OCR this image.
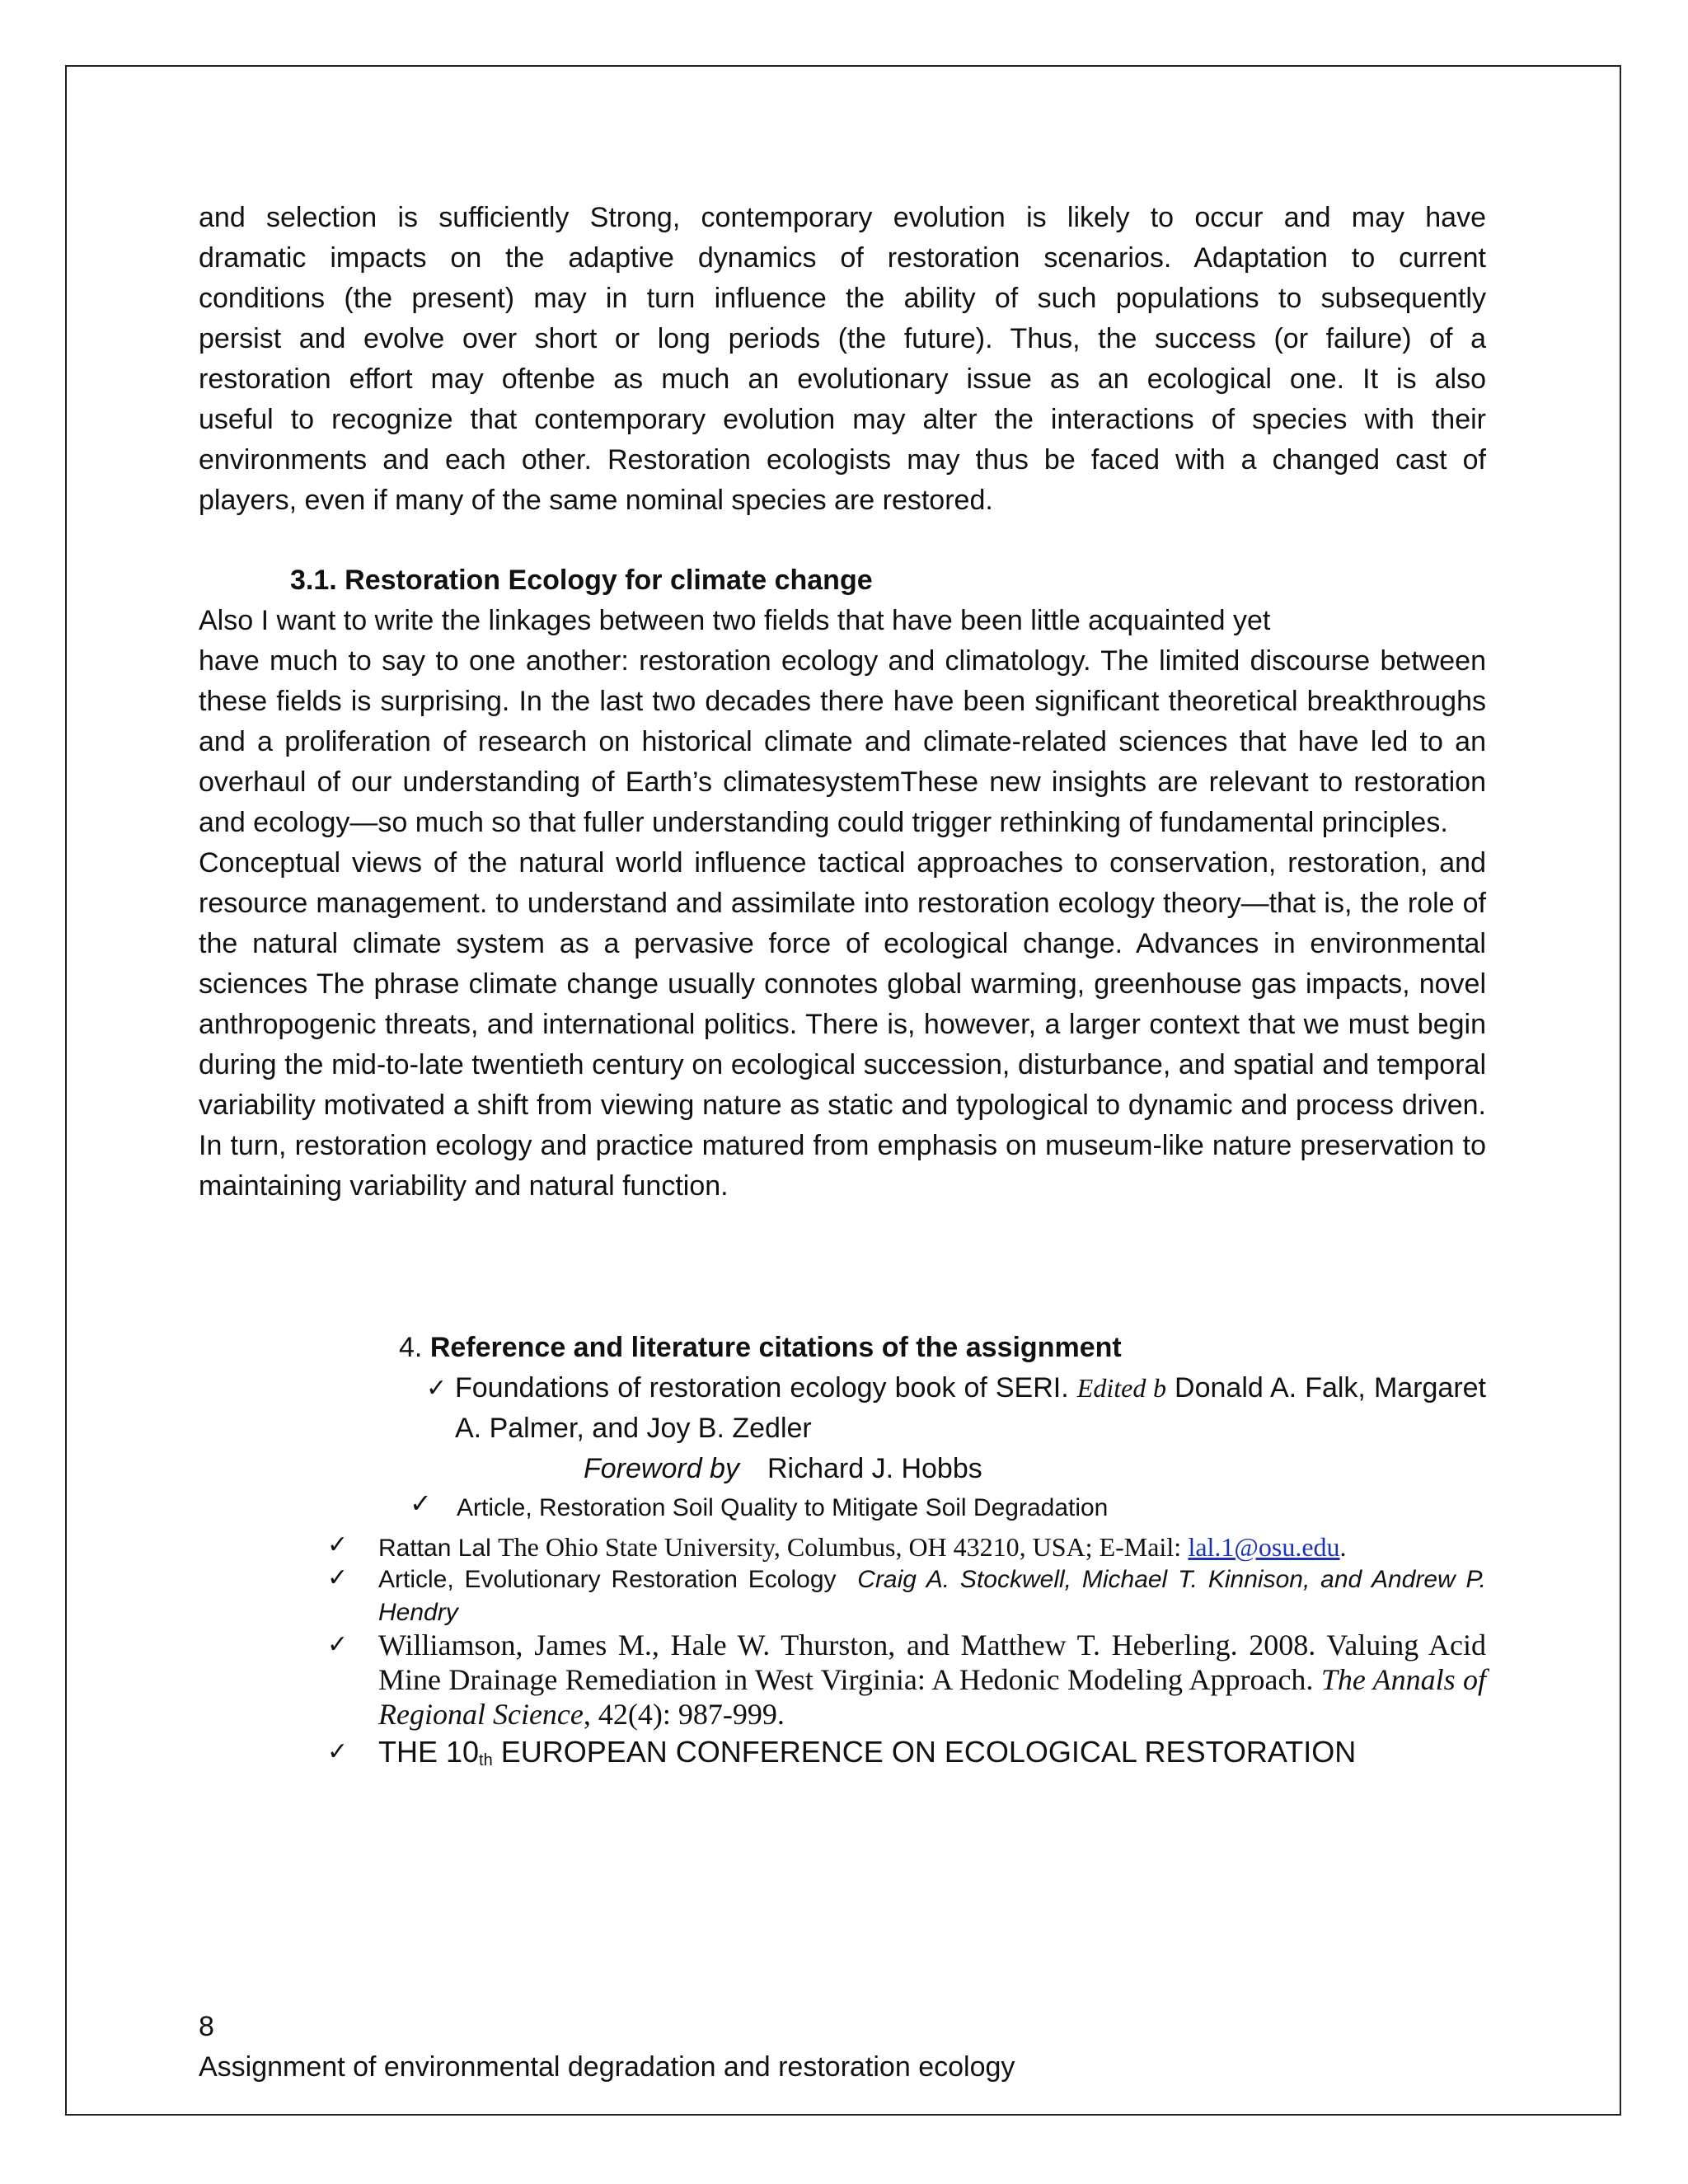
and selection is sufficiently Strong, contemporary evolution is likely to occur and may have
dramatic impacts on the adaptive dynamics of restoration scenarios. Adaptation to current
conditions (the present) may in turn influence the ability of such populations to subsequently
persist and evolve over short or long periods (the future). Thus, the success (or failure) of a
restoration effort may oftenbe as much an evolutionary issue as an ecological one. It is also
useful to recognize that contemporary evolution may alter the interactions of species with their
environments and each other. Restoration ecologists may thus be faced with a changed cast of
players, even if many of the same nominal species are restored.
3.1. Restoration Ecology for climate change
Also I want to write the linkages between two fields that have been little acquainted yet

have much to say to one another: restoration ecology and climatology. The limited discourse between these fields is surprising. In the last two decades there have been significant theoretical breakthroughs and a proliferation of research on historical climate and climate-related sciences that have led to an overhaul of our understanding of Earth’s climatesystemThese new insights are relevant to restoration and ecology—so much so that fuller understanding could trigger rethinking of fundamental principles.

Conceptual views of the natural world influence tactical approaches to conservation, restoration, and resource management. to understand and assimilate into restoration ecology theory—that is, the role of the natural climate system as a pervasive force of ecological change. Advances in environmental sciences The phrase climate change usually connotes global warming, greenhouse gas impacts, novel anthropogenic threats, and international politics. There is, however, a larger context that we must begin during the mid-to-late twentieth century on ecological succession, disturbance, and spatial and temporal variability motivated a shift from viewing nature as static and typological to dynamic and process driven. In turn, restoration ecology and practice matured from emphasis on museum-like nature preservation to maintaining variability and natural function.

4. Reference and literature citations of the assignment
✓ Foundations of restoration ecology book of SERI. Edited b Donald A. Falk, Margaret A. Palmer, and Joy B. Zedler
Foreword by Richard J. Hobbs
✓ Article, Restoration Soil Quality to Mitigate Soil Degradation
✓ Rattan Lal The Ohio State University, Columbus, OH 43210, USA; E-Mail: lal.1@osu.edu.
✓ Article, Evolutionary Restoration Ecology Craig A. Stockwell, Michael T. Kinnison, and Andrew P. Hendry
✓ Williamson, James M., Hale W. Thurston, and Matthew T. Heberling. 2008. Valuing Acid Mine Drainage Remediation in West Virginia: A Hedonic Modeling Approach. The Annals of Regional Science, 42(4): 987-999.
✓ THE $10_{th}$ EUROPEAN CONFERENCE ON ECOLOGICAL RESTORATION
8
Assignment of environmental degradation and restoration ecology
